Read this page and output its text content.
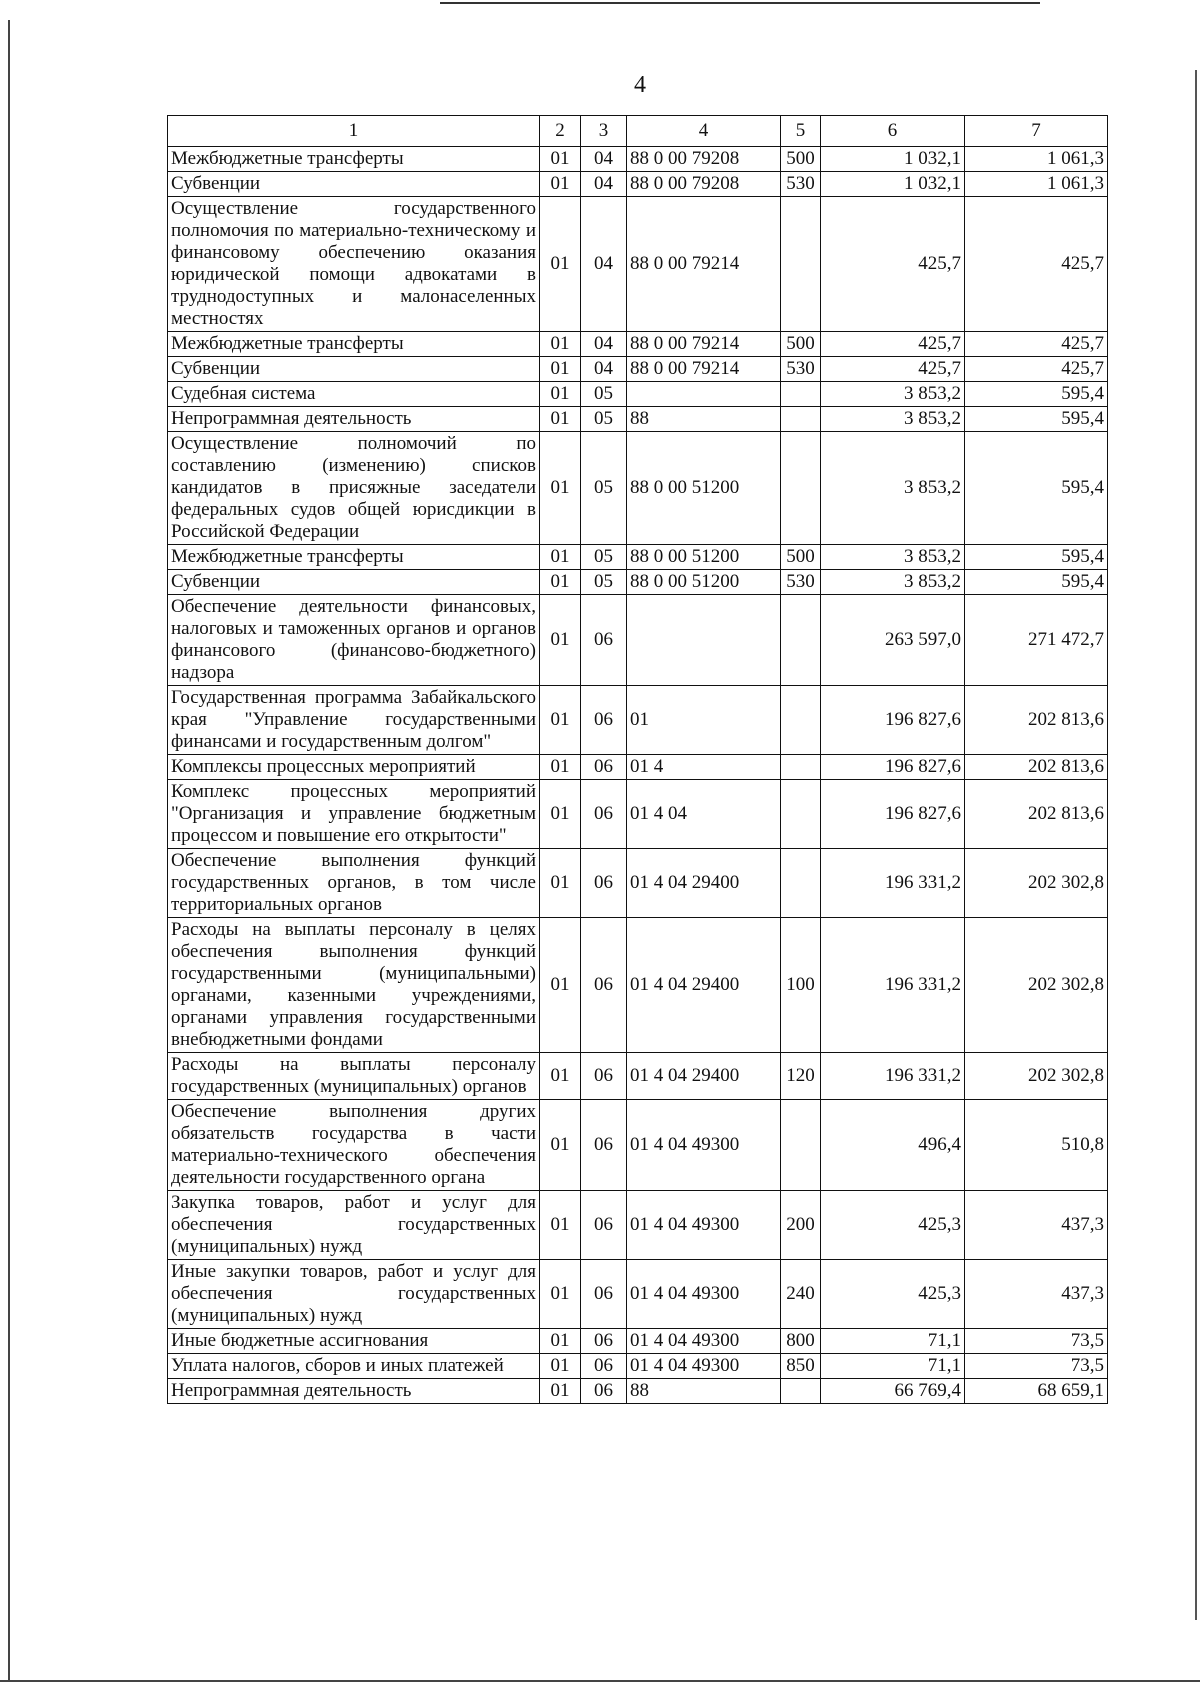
4
1	2	3	4	5	6	7
Межбюджетные трансферты	01	04	88 0 00 79208	500	1 032,1	1 061,3
Субвенции	01	04	88 0 00 79208	530	1 032,1	1 061,3
Осуществление государственного полномочия по материально-техническому и финансовому обеспечению оказания юридической помощи адвокатами в труднодоступных и малонаселенных местностях	01	04	88 0 00 79214		425,7	425,7
Межбюджетные трансферты	01	04	88 0 00 79214	500	425,7	425,7
Субвенции	01	04	88 0 00 79214	530	425,7	425,7
Судебная система	01	05			3 853,2	595,4
Непрограммная деятельность	01	05	88		3 853,2	595,4
Осуществление полномочий по составлению (изменению) списков кандидатов в присяжные заседатели федеральных судов общей юрисдикции в Российской Федерации	01	05	88 0 00 51200		3 853,2	595,4
Межбюджетные трансферты	01	05	88 0 00 51200	500	3 853,2	595,4
Субвенции	01	05	88 0 00 51200	530	3 853,2	595,4
Обеспечение деятельности финансовых, налоговых и таможенных органов и органов финансового (финансово-бюджетного) надзора	01	06			263 597,0	271 472,7
Государственная программа Забайкальского края "Управление государственными финансами и государственным долгом"	01	06	01		196 827,6	202 813,6
Комплексы процессных мероприятий	01	06	01 4		196 827,6	202 813,6
Комплекс процессных мероприятий "Организация и управление бюджетным процессом и повышение его открытости"	01	06	01 4 04		196 827,6	202 813,6
Обеспечение выполнения функций государственных органов, в том числе территориальных органов	01	06	01 4 04 29400		196 331,2	202 302,8
Расходы на выплаты персоналу в целях обеспечения выполнения функций государственными (муниципальными) органами, казенными учреждениями, органами управления государственными внебюджетными фондами	01	06	01 4 04 29400	100	196 331,2	202 302,8
Расходы на выплаты персоналу государственных (муниципальных) органов	01	06	01 4 04 29400	120	196 331,2	202 302,8
Обеспечение выполнения других обязательств государства в части материально-технического обеспечения деятельности государственного органа	01	06	01 4 04 49300		496,4	510,8
Закупка товаров, работ и услуг для обеспечения государственных (муниципальных) нужд	01	06	01 4 04 49300	200	425,3	437,3
Иные закупки товаров, работ и услуг для обеспечения государственных (муниципальных) нужд	01	06	01 4 04 49300	240	425,3	437,3
Иные бюджетные ассигнования	01	06	01 4 04 49300	800	71,1	73,5
Уплата налогов, сборов и иных платежей	01	06	01 4 04 49300	850	71,1	73,5
Непрограммная деятельность	01	06	88		66 769,4	68 659,1
